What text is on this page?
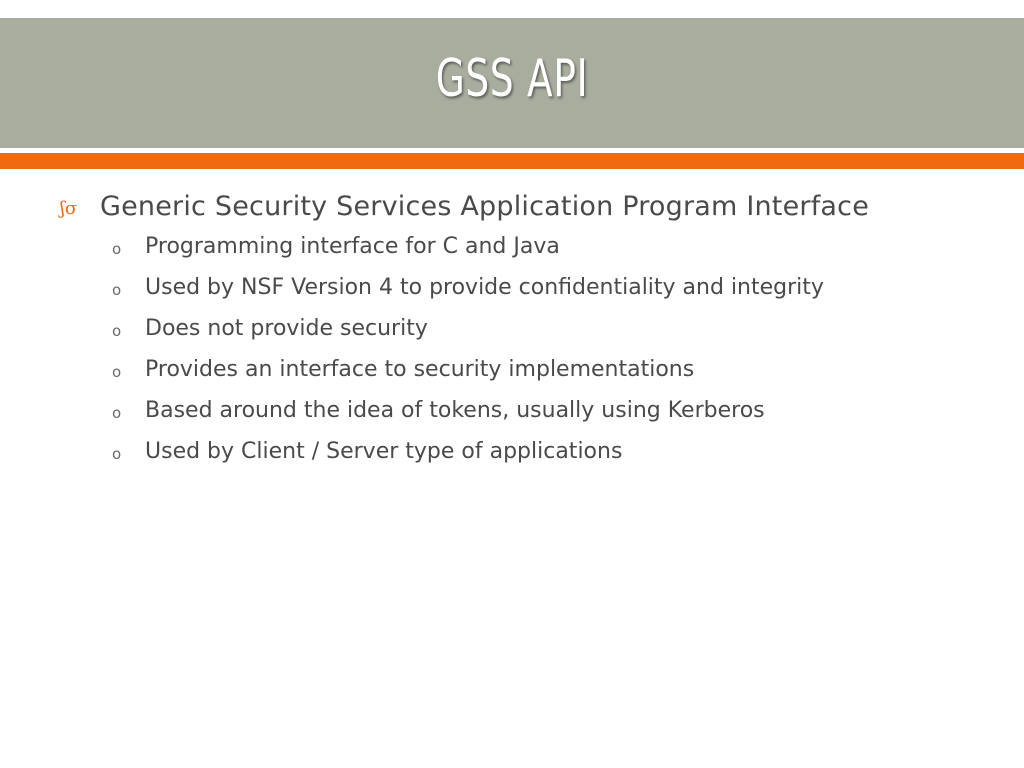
GSS API
ʃσ Generic Security Services Application Program Interface
o	Programming interface for C and Java
o	Used by NSF Version 4 to provide confidentiality and integrity
o	Does not provide security
o	Provides an interface to security implementations
o	Based around the idea of tokens, usually using Kerberos
o	Used by Client / Server type of applications
